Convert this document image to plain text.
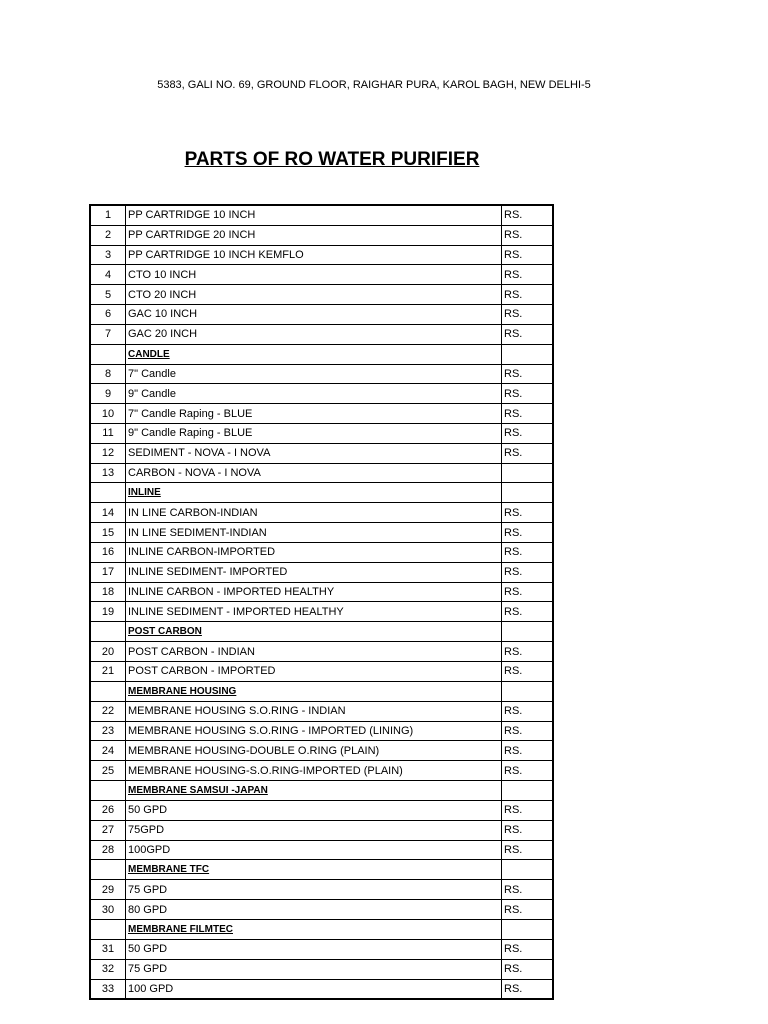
5383, GALI NO. 69, GROUND FLOOR, RAIGHAR PURA, KAROL BAGH, NEW DELHI-5
PARTS OF RO WATER PURIFIER
1	PP CARTRIDGE 10 INCH	RS.
2	PP CARTRIDGE 20 INCH	RS.
3	PP CARTRIDGE 10 INCH KEMFLO	RS.
4	CTO 10 INCH	RS.
5	CTO 20 INCH	RS.
6	GAC 10 INCH	RS.
7	GAC 20 INCH	RS.
	CANDLE	
8	7" Candle	RS.
9	9" Candle	RS.
10	7" Candle Raping - BLUE	RS.
11	9" Candle Raping - BLUE	RS.
12	SEDIMENT - NOVA - I NOVA	RS.
13	CARBON - NOVA - I NOVA	
	INLINE	
14	IN LINE CARBON-INDIAN	RS.
15	IN LINE SEDIMENT-INDIAN	RS.
16	INLINE CARBON-IMPORTED	RS.
17	INLINE SEDIMENT- IMPORTED	RS.
18	INLINE CARBON - IMPORTED HEALTHY	RS.
19	INLINE SEDIMENT - IMPORTED HEALTHY	RS.
	POST CARBON	
20	POST CARBON - INDIAN	RS.
21	POST CARBON - IMPORTED	RS.
	MEMBRANE HOUSING	
22	MEMBRANE HOUSING S.O.RING - INDIAN	RS.
23	MEMBRANE HOUSING S.O.RING - IMPORTED (LINING)	RS.
24	MEMBRANE HOUSING-DOUBLE O.RING (PLAIN)	RS.
25	MEMBRANE HOUSING-S.O.RING-IMPORTED (PLAIN)	RS.
	MEMBRANE SAMSUI -JAPAN	
26	50 GPD	RS.
27	75GPD	RS.
28	100GPD	RS.
	MEMBRANE TFC	
29	75 GPD	RS.
30	80 GPD	RS.
	MEMBRANE FILMTEC	
31	50 GPD	RS.
32	75 GPD	RS.
33	100 GPD	RS.
